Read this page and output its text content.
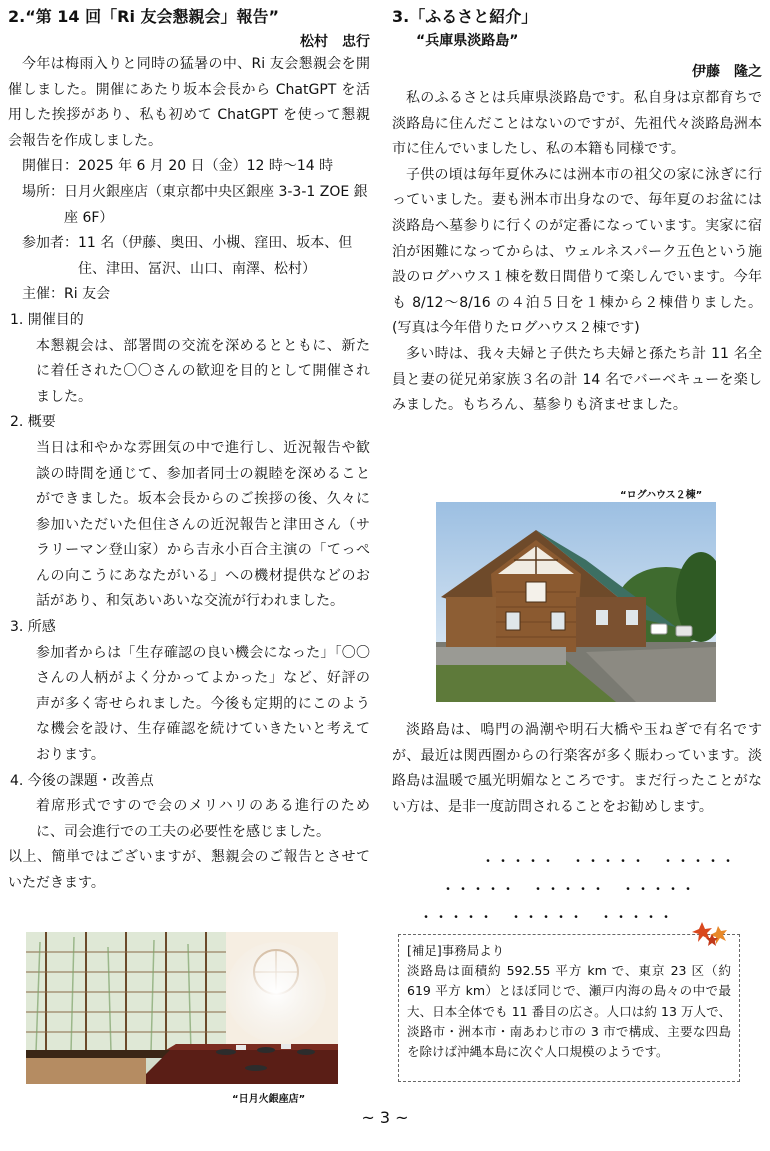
2.“第 14 回「Ri 友会懇親会」報告”
松村　忠行

今年は梅雨入りと同時の猛暑の中、Ri 友会懇親会を開催しました。開催にあたり坂本会長から ChatGPT を活用した挨拶があり、私も初めて ChatGPT を使って懇親会報告を作成しました。

開催日： 2025 年 6 月 20 日（金）12 時～14 時
場所： 日月火銀座店（東京都中央区銀座 3-3-1 ZOE 銀座 6F）
参加者： 11 名（伊藤、奥田、小槻、窪田、坂本、但住、津田、冨沢、山口、南澤、松村）
主催： Ri 友会
1. 開催目的
本懇親会は、部署間の交流を深めるとともに、新たに着任された〇〇さんの歓迎を目的として開催されました。
2. 概要
当日は和やかな雰囲気の中で進行し、近況報告や歓談の時間を通じて、参加者同士の親睦を深めることができました。坂本会長からのご挨拶の後、久々に参加いただいた但住さんの近況報告と津田さん（サラリーマン登山家）から吉永小百合主演の「てっぺんの向こうにあなたがいる」への機材提供などのお話があり、和気あいあいな交流が行われました。
3. 所感
参加者からは「生存確認の良い機会になった」「〇〇さんの人柄がよく分かってよかった」など、好評の声が多く寄せられました。今後も定期的にこのような機会を設け、生存確認を続けていきたいと考えております。
4. 今後の課題・改善点
着席形式ですので会のメリハリのある進行のために、司会進行での工夫の必要性を感じました。

以上、簡単ではございますが、懇親会のご報告とさせていただきます。

“日月火銀座店”
3.「ふるさと紹介」
“兵庫県淡路島”
伊藤　隆之

私のふるさとは兵庫県淡路島です。私自身は京都育ちで淡路島に住んだことはないのですが、先祖代々淡路島洲本市に住んでいましたし、私の本籍も同様です。

子供の頃は毎年夏休みには洲本市の祖父の家に泳ぎに行っていました。妻も洲本市出身なので、毎年夏のお盆には淡路島へ墓参りに行くのが定番になっています。実家に宿泊が困難になってからは、ウェルネスパーク五色という施設のログハウス１棟を数日間借りて楽しんでいます。今年も 8/12～8/16 の４泊５日を１棟から２棟借りました。(写真は今年借りたログハウス２棟です)

多い時は、我々夫婦と子供たち夫婦と孫たち計 11 名全員と妻の従兄弟家族３名の計 14 名でバーベキューを楽しみました。もちろん、墓参りも済ませました。

“ログハウス２棟”

淡路島は、鳴門の渦潮や明石大橋や玉ねぎで有名ですが、最近は関西圏からの行楽客が多く賑わっています。淡路島は温暖で風光明媚なところです。まだ行ったことがない方は、是非一度訪問されることをお勧めします。

・・・・・　・・・・・　・・・・・
・・・・・　・・・・・　・・・・・
・・・・・　・・・・・　・・・・・
[補足]事務局より
淡路島は面積約 592.55 平方 km で、東京 23 区（約 619 平方 km）とほぼ同じで、瀬戸内海の島々の中で最大、日本全体でも 11 番目の広さ。人口は約 13 万人で、淡路市・洲本市・南あわじ市の 3 市で構成、主要な四島を除けば沖縄本島に次ぐ人口規模のようです。
~ 3 ~
